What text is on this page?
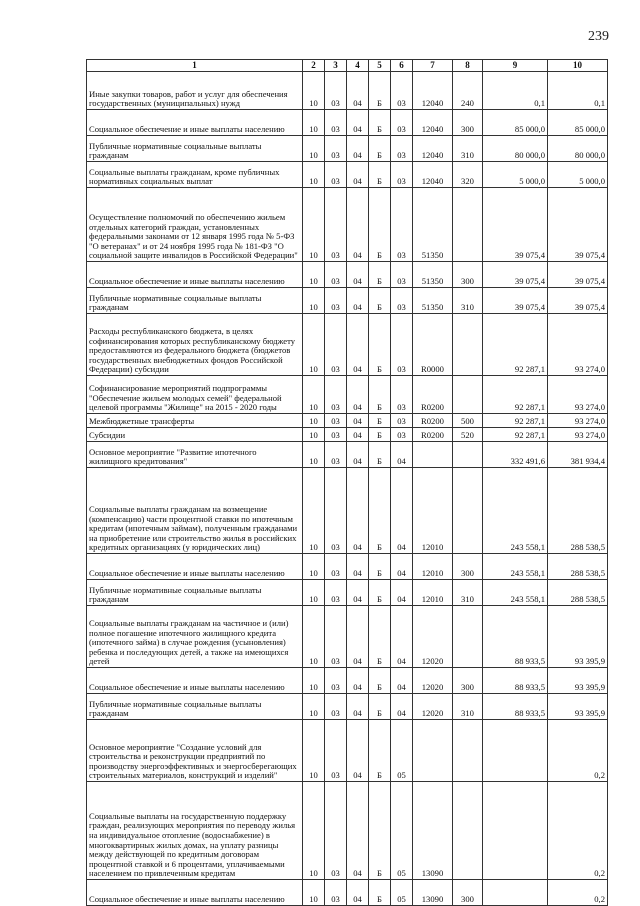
239
1	2	3	4	5	6	7	8	9	10

Иные закупки товаров, работ и услуг для обеспечения государственных (муниципальных) нужд	10	03	04	Б	03	12040	240	0,1	0,1

Социальное обеспечение и иные выплаты населению	10	03	04	Б	03	12040	300	85 000,0	85 000,0

Публичные нормативные социальные выплаты гражданам	10	03	04	Б	03	12040	310	80 000,0	80 000,0

Социальные выплаты гражданам, кроме публичных нормативных социальных выплат	10	03	04	Б	03	12040	320	5 000,0	5 000,0

Осуществление полномочий по обеспечению жильем отдельных категорий граждан, установленных федеральными законами от 12 января 1995 года № 5-ФЗ "О ветеранах" и от 24 ноября 1995 года № 181-ФЗ "О социальной защите инвалидов в Российской Федерации"	10	03	04	Б	03	51350		39 075,4	39 075,4

Социальное обеспечение и иные выплаты населению	10	03	04	Б	03	51350	300	39 075,4	39 075,4

Публичные нормативные социальные выплаты гражданам	10	03	04	Б	03	51350	310	39 075,4	39 075,4

Расходы республиканского бюджета, в целях софинансирования которых республиканскому бюджету предоставляются из федерального бюджета (бюджетов государственных внебюджетных фондов Российской Федерации) субсидии	10	03	04	Б	03	R0000		92 287,1	93 274,0

Софинансирование мероприятий подпрограммы "Обеспечение жильем молодых семей" федеральной целевой программы "Жилище" на 2015 - 2020 годы	10	03	04	Б	03	R0200		92 287,1	93 274,0

Межбюджетные трансферты	10	03	04	Б	03	R0200	500	92 287,1	93 274,0

Субсидии	10	03	04	Б	03	R0200	520	92 287,1	93 274,0

Основное мероприятие "Развитие ипотечного жилищного кредитования"	10	03	04	Б	04			332 491,6	381 934,4

Социальные выплаты гражданам на возмещение (компенсацию) части процентной ставки по ипотечным кредитам (ипотечным займам), полученным гражданами на приобретение или строительство жилья в российских кредитных организациях (у юридических лиц)	10	03	04	Б	04	12010		243 558,1	288 538,5

Социальное обеспечение и иные выплаты населению	10	03	04	Б	04	12010	300	243 558,1	288 538,5

Публичные нормативные социальные выплаты гражданам	10	03	04	Б	04	12010	310	243 558,1	288 538,5

Социальные выплаты гражданам на частичное и (или) полное погашение ипотечного жилищного кредита (ипотечного займа) в случае рождения (усыновления) ребенка и последующих детей, а также на имеющихся детей	10	03	04	Б	04	12020		88 933,5	93 395,9

Социальное обеспечение и иные выплаты населению	10	03	04	Б	04	12020	300	88 933,5	93 395,9

Публичные нормативные социальные выплаты гражданам	10	03	04	Б	04	12020	310	88 933,5	93 395,9

Основное мероприятие "Создание условий для строительства и реконструкции предприятий по производству энергоэффективных и энергосберегающих строительных материалов, конструкций и изделий"	10	03	04	Б	05				0,2

Социальные выплаты на государственную поддержку граждан, реализующих мероприятия по переводу жилья на индивидуальное отопление (водоснабжение) в многоквартирных жилых домах, на уплату разницы между действующей по кредитным договорам процентной ставкой и 6 процентами, уплачиваемыми населением по привлеченным кредитам	10	03	04	Б	05	13090			0,2

Социальное обеспечение и иные выплаты населению	10	03	04	Б	05	13090	300		0,2
